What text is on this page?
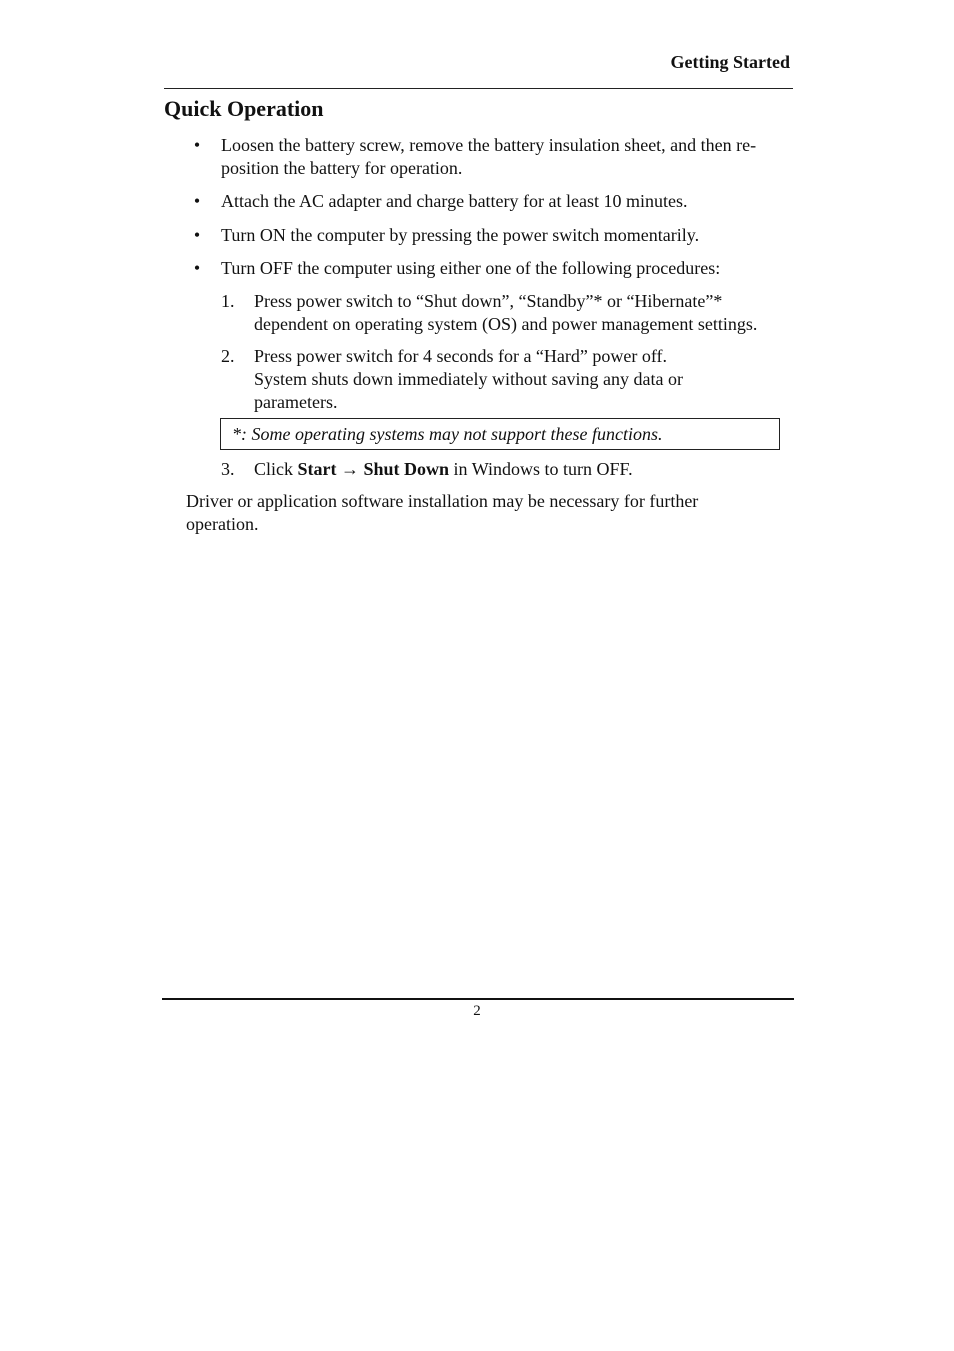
Getting Started
Quick Operation
• Loosen the battery screw, remove the battery insulation sheet, and then re-
position the battery for operation.
• Attach the AC adapter and charge battery for at least 10 minutes.
• Turn ON the computer by pressing the power switch momentarily.
• Turn OFF the computer using either one of the following procedures:
1. Press power switch to “Shut down”, “Standby”* or “Hibernate”*
dependent on operating system (OS) and power management settings.
2. Press power switch for 4 seconds for a “Hard” power off.
System shuts down immediately without saving any data or
parameters.
*: Some operating systems may not support these functions.
3. Click Start → Shut Down in Windows to turn OFF.
Driver or application software installation may be necessary for further
operation.
2
